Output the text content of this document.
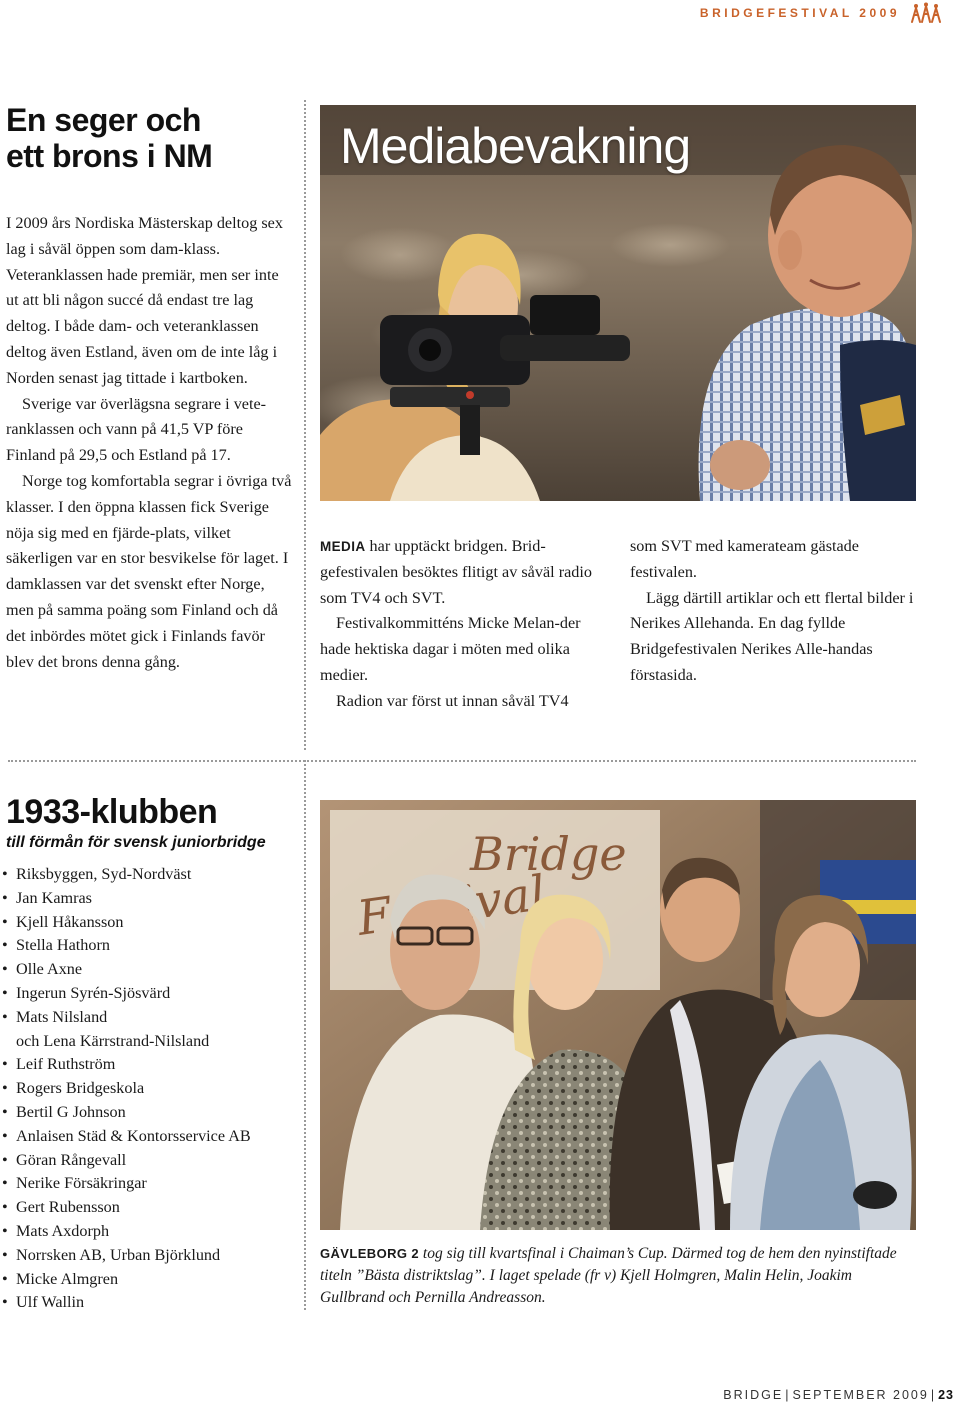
BRIDGEFESTIVAL 2009
En seger och
ett brons i NM

I 2009 års Nordiska Mästerskap deltog sex lag i såväl öppen som dam-klass. Veteranklassen hade premiär, men ser inte ut att bli någon succé då endast tre lag deltog. I både dam- och veteranklassen deltog även Estland, även om de inte låg i Norden senast jag tittade i kartboken.

Sverige var överlägsna segrare i vete-ranklassen och vann på 41,5 VP före Finland på 29,5 och Estland på 17.

Norge tog komfortabla segrar i övriga två klasser. I den öppna klassen fick Sverige nöja sig med en fjärde-plats, vilket säkerligen var en stor besvikelse för laget. I damklassen var det svenskt efter Norge, men på samma poäng som Finland och då det inbördes mötet gick i Finlands favör blev det brons denna gång.

Mediabevakning

MEDIA har upptäckt bridgen. Brid-gefestivalen besöktes flitigt av såväl radio som TV4 och SVT.

Festivalkommitténs Micke Melan-der hade hektiska dagar i möten med olika medier.

Radion var först ut innan såväl TV4

som SVT med kamerateam gästade festivalen.

Lägg därtill artiklar och ett flertal bilder i Nerikes Allehanda. En dag fyllde Bridgefestivalen Nerikes Alle-handas förstasida.

1933-klubben
till förmån för svensk juniorbridge
• Riksbyggen, Syd-Nordväst
• Jan Kamras
• Kjell Håkansson
• Stella Hathorn
• Olle Axne
• Ingerun Syrén-Sjösvärd
• Mats Nilsland
och Lena Kärrstrand-Nilsland
• Leif Ruthström
• Rogers Bridgeskola
• Bertil G Johnson
• Anlaisen Städ & Kontorsservice AB
• Göran Rångevall
• Nerike Försäkringar
• Gert Rubensson
• Mats Axdorph
• Norrsken AB, Urban Björklund
• Micke Almgren
• Ulf Wallin
Bridge
GÄVLEBORG 2 tog sig till kvartsfinal i Chaiman’s Cup. Därmed tog de hem den nyinstiftade titeln ”Bästa distriktslag”. I laget spelade (fr v) Kjell Holmgren, Malin Helin, Joakim Gullbrand och Pernilla Andreasson.
BRIDGE | SEPTEMBER 2009 | 23
